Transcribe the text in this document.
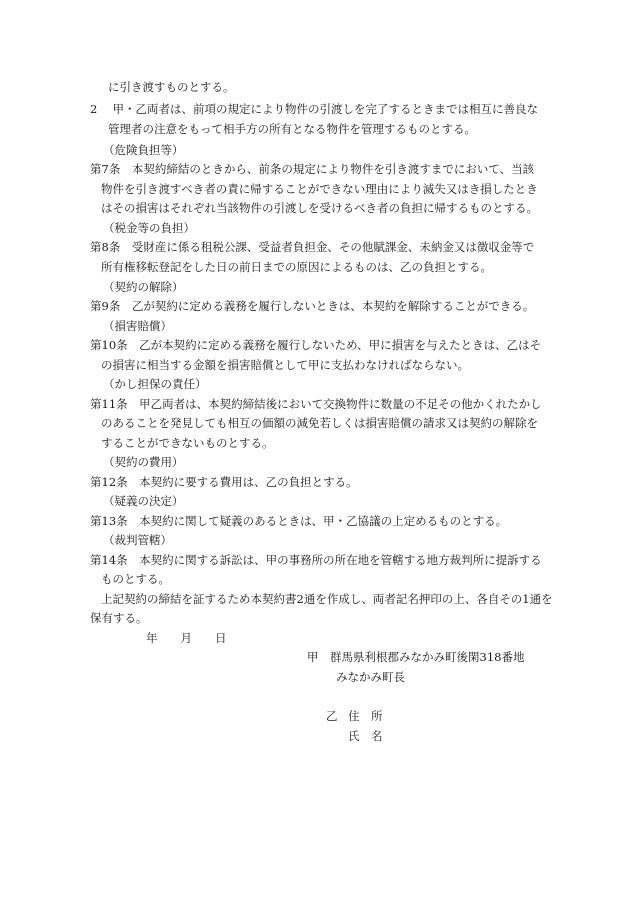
に引き渡すものとする。
2　 甲・乙両者は、前項の規定により物件の引渡しを完了するときまでは相互に善良な
管理者の注意をもって相手方の所有となる物件を管理するものとする。
（危険負担等）
第7条　本契約締結のときから、前条の規定により物件を引き渡すまでにおいて、当該
物件を引き渡すべき者の責に帰することができない理由により滅失又はき損したとき
はその損害はそれぞれ当該物件の引渡しを受けるべき者の負担に帰するものとする。
（税金等の負担）
第8条　受財産に係る租税公課、受益者負担金、その他賦課金、未納金又は徴収金等で
所有権移転登記をした日の前日までの原因によるものは、乙の負担とする。
（契約の解除）
第9条　乙が契約に定める義務を履行しないときは、本契約を解除することができる。
（損害賠償）
第10条　乙が本契約に定める義務を履行しないため、甲に損害を与えたときは、乙はそ
の損害に相当する金額を損害賠償として甲に支払わなければならない。
（かし担保の責任）
第11条　甲乙両者は、本契約締結後において交換物件に数量の不足その他かくれたかし
のあることを発見しても相互の価額の減免若しくは損害賠償の請求又は契約の解除を
することができないものとする。
（契約の費用）
第12条　本契約に要する費用は、乙の負担とする。
（疑義の決定）
第13条　本契約に関して疑義のあるときは、甲・乙協議の上定めるものとする。
（裁判管轄）
第14条　本契約に関する訴訟は、甲の事務所の所在地を管轄する地方裁判所に提訴する
ものとする。
上記契約の締結を証するため本契約書2通を作成し、両者記名押印の上、各自その1通を
保有する。
年　　月　　日
甲 群馬県利根郡みなかみ町後閑318番地
みなかみ町長
乙 住　所
氏　名
